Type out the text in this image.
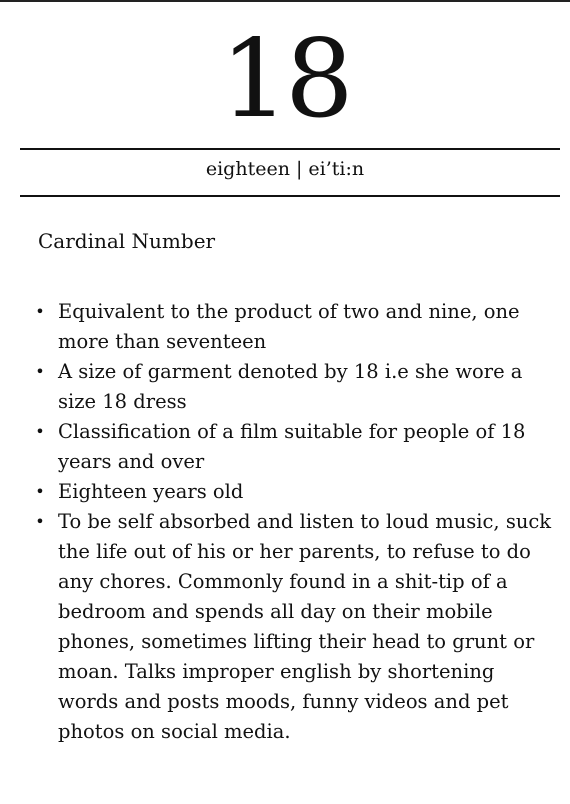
18
eighteen | ei’ti:n
Cardinal Number
• Equivalent to the product of two and nine, one more than seventeen
• A size of garment denoted by 18 i.e she wore a size 18 dress
• Classification of a film suitable for people of 18 years and over
• Eighteen years old
• To be self absorbed and listen to loud music, suck the life out of his or her parents, to refuse to do any chores. Commonly found in a shit-tip of a bedroom and spends all day on their mobile phones, sometimes lifting their head to grunt or moan. Talks improper english by shortening words and posts moods, funny videos and pet photos on social media.
